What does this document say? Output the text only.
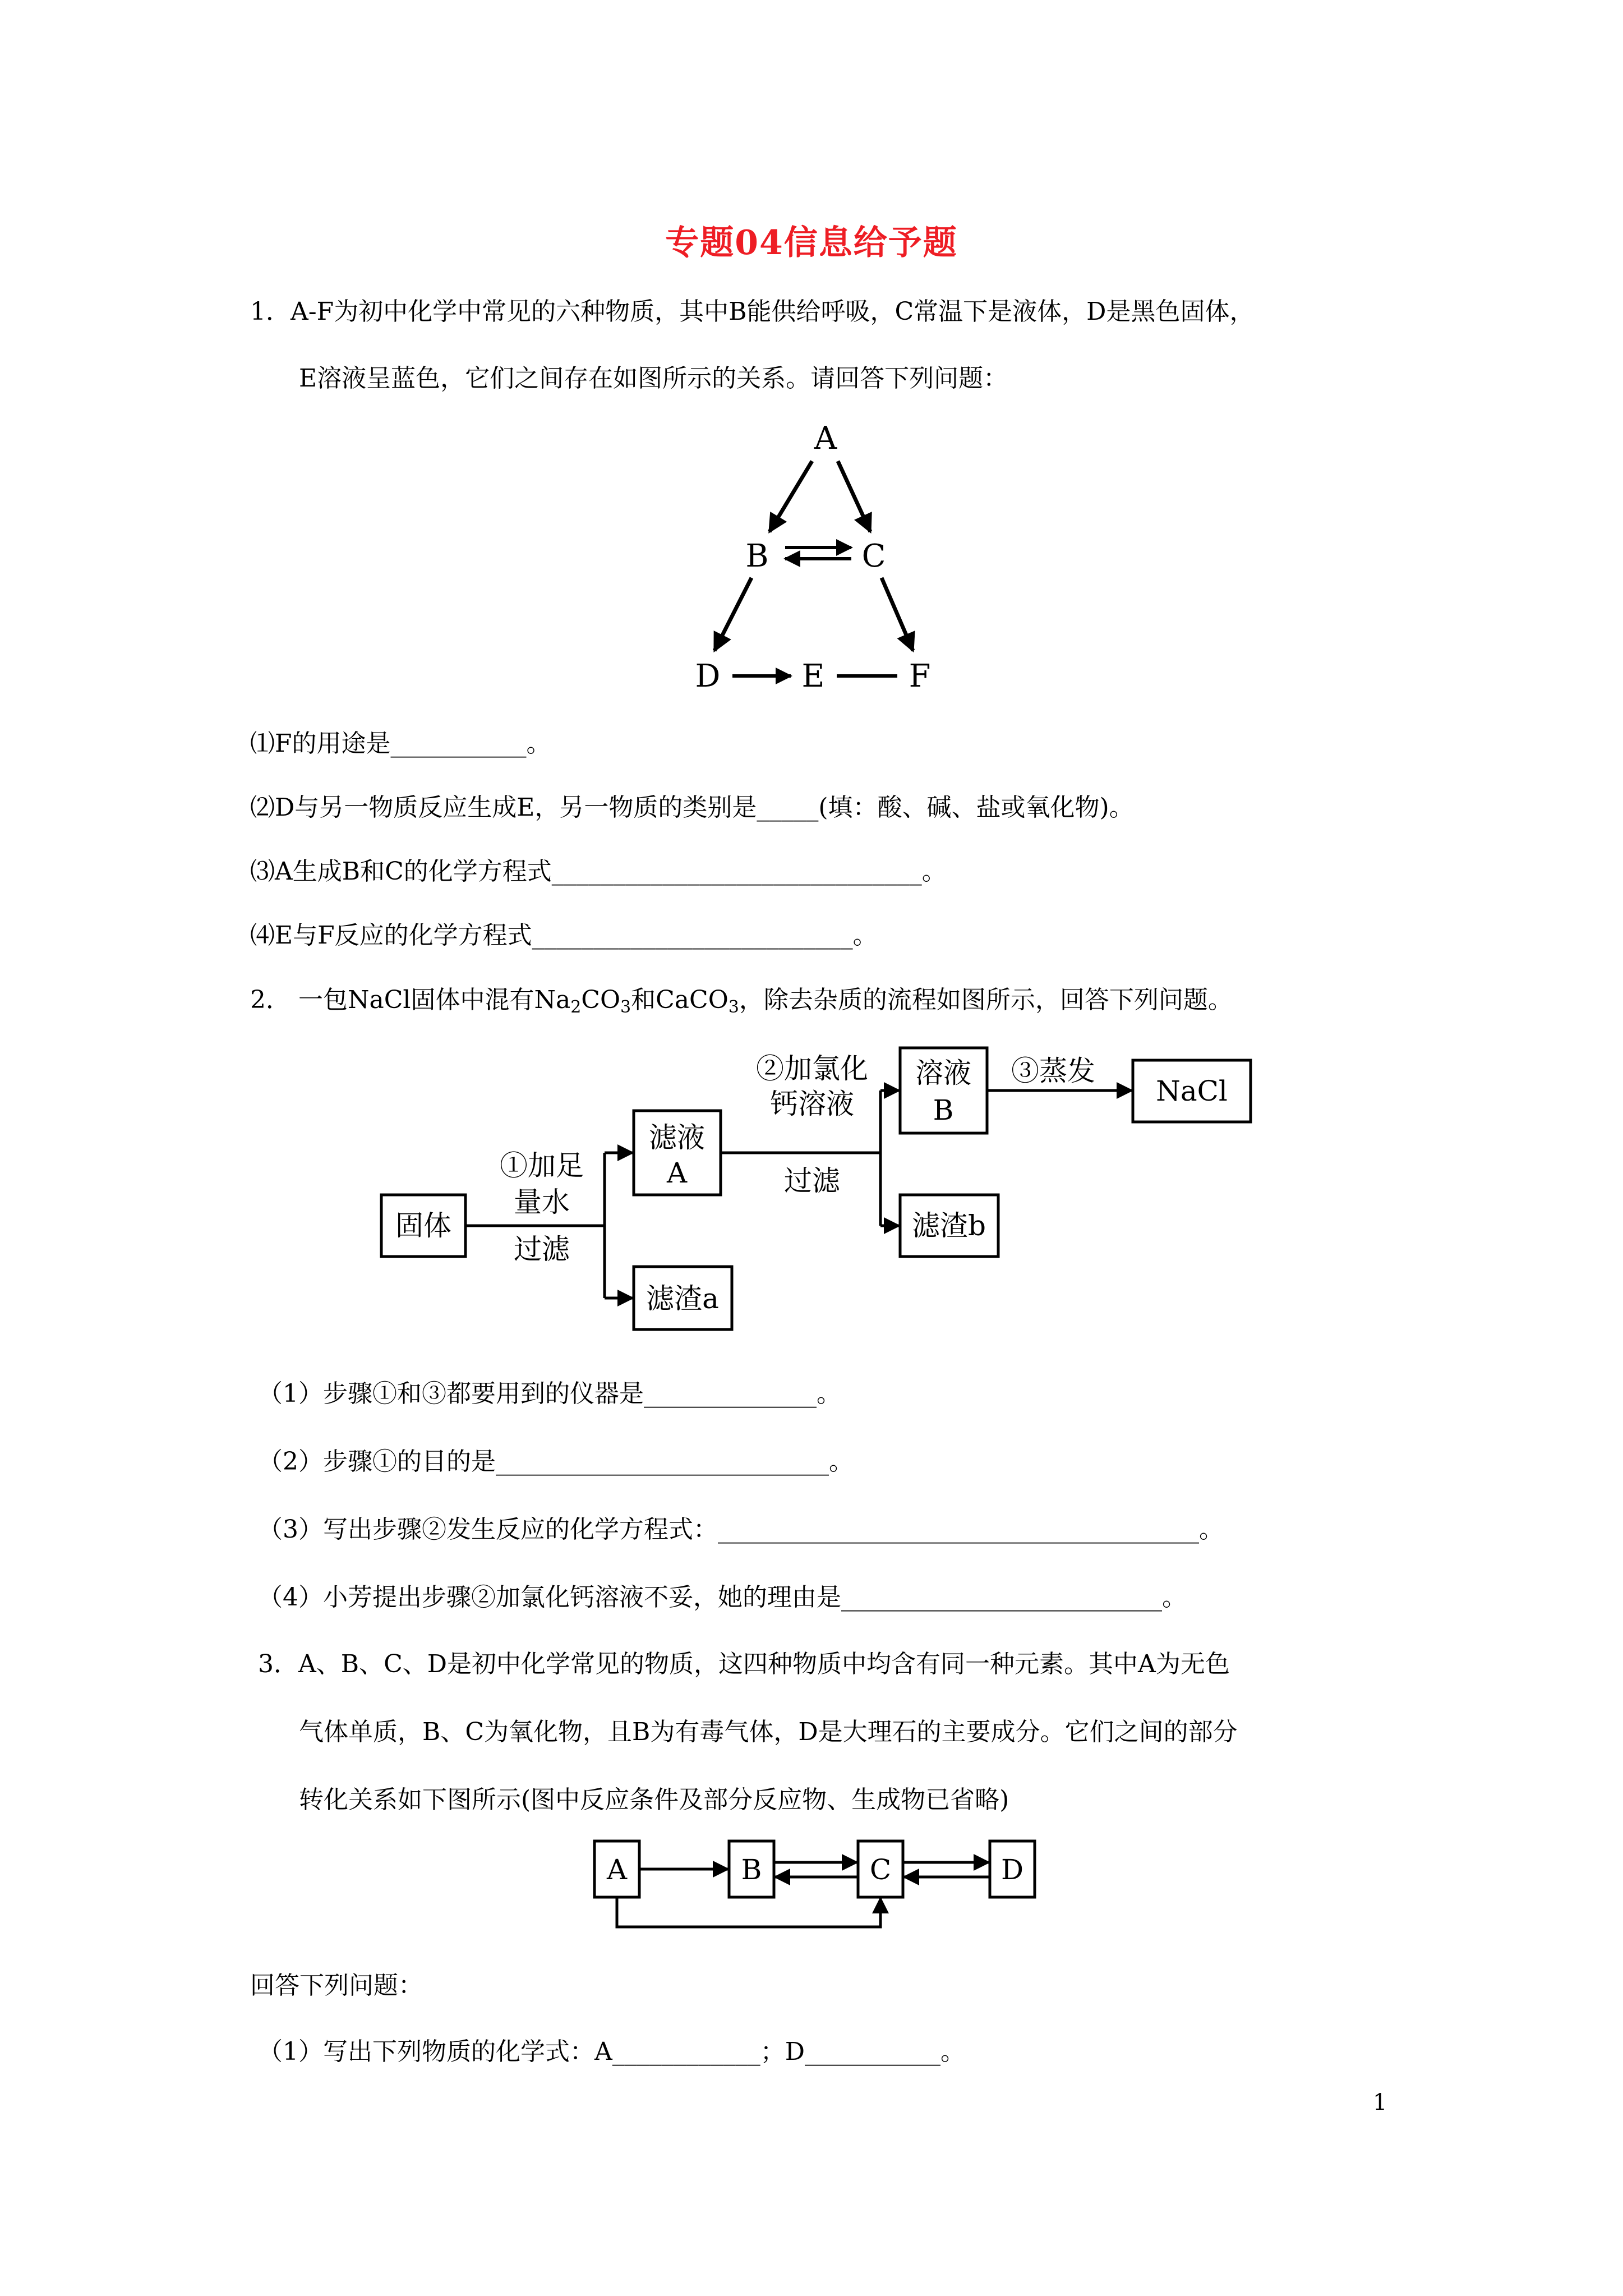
专题04信息给予题
1．A-F为初中化学中常见的六种物质，其中B能供给呼吸，C常温下是液体，D是黑色固体，
E溶液呈蓝色，它们之间存在如图所示的关系。请回答下列问题：
A
B	C
D	E	F
⑴F的用途是___________。
⑵D与另一物质反应生成E，另一物质的类别是_____(填：酸、碱、盐或氧化物)。
⑶A生成B和C的化学方程式______________________________。
⑷E与F反应的化学方程式__________________________。
2． 一包NaCl固体中混有$Na_2CO_3$和CaCO$_3$，除去杂质的流程如图所示，回答下列问题。
固体
①加足
量水
过滤
滤液
A
滤渣a
②加氯化
钙溶液
过滤
溶液
B
滤渣b
③蒸发
NaCl
（1）步骤①和③都要用到的仪器是______________。
（2）步骤①的目的是___________________________。
（3）写出步骤②发生反应的化学方程式：_______________________________________。
（4）小芳提出步骤②加氯化钙溶液不妥，她的理由是__________________________。
3．A、B、C、D是初中化学常见的物质，这四种物质中均含有同一种元素。其中A为无色
气体单质，B、C为氧化物，且B为有毒气体，D是大理石的主要成分。它们之间的部分
转化关系如下图所示(图中反应条件及部分反应物、生成物已省略)
A	B	C	D
回答下列问题：
（1）写出下列物质的化学式：A____________；D___________。
1
